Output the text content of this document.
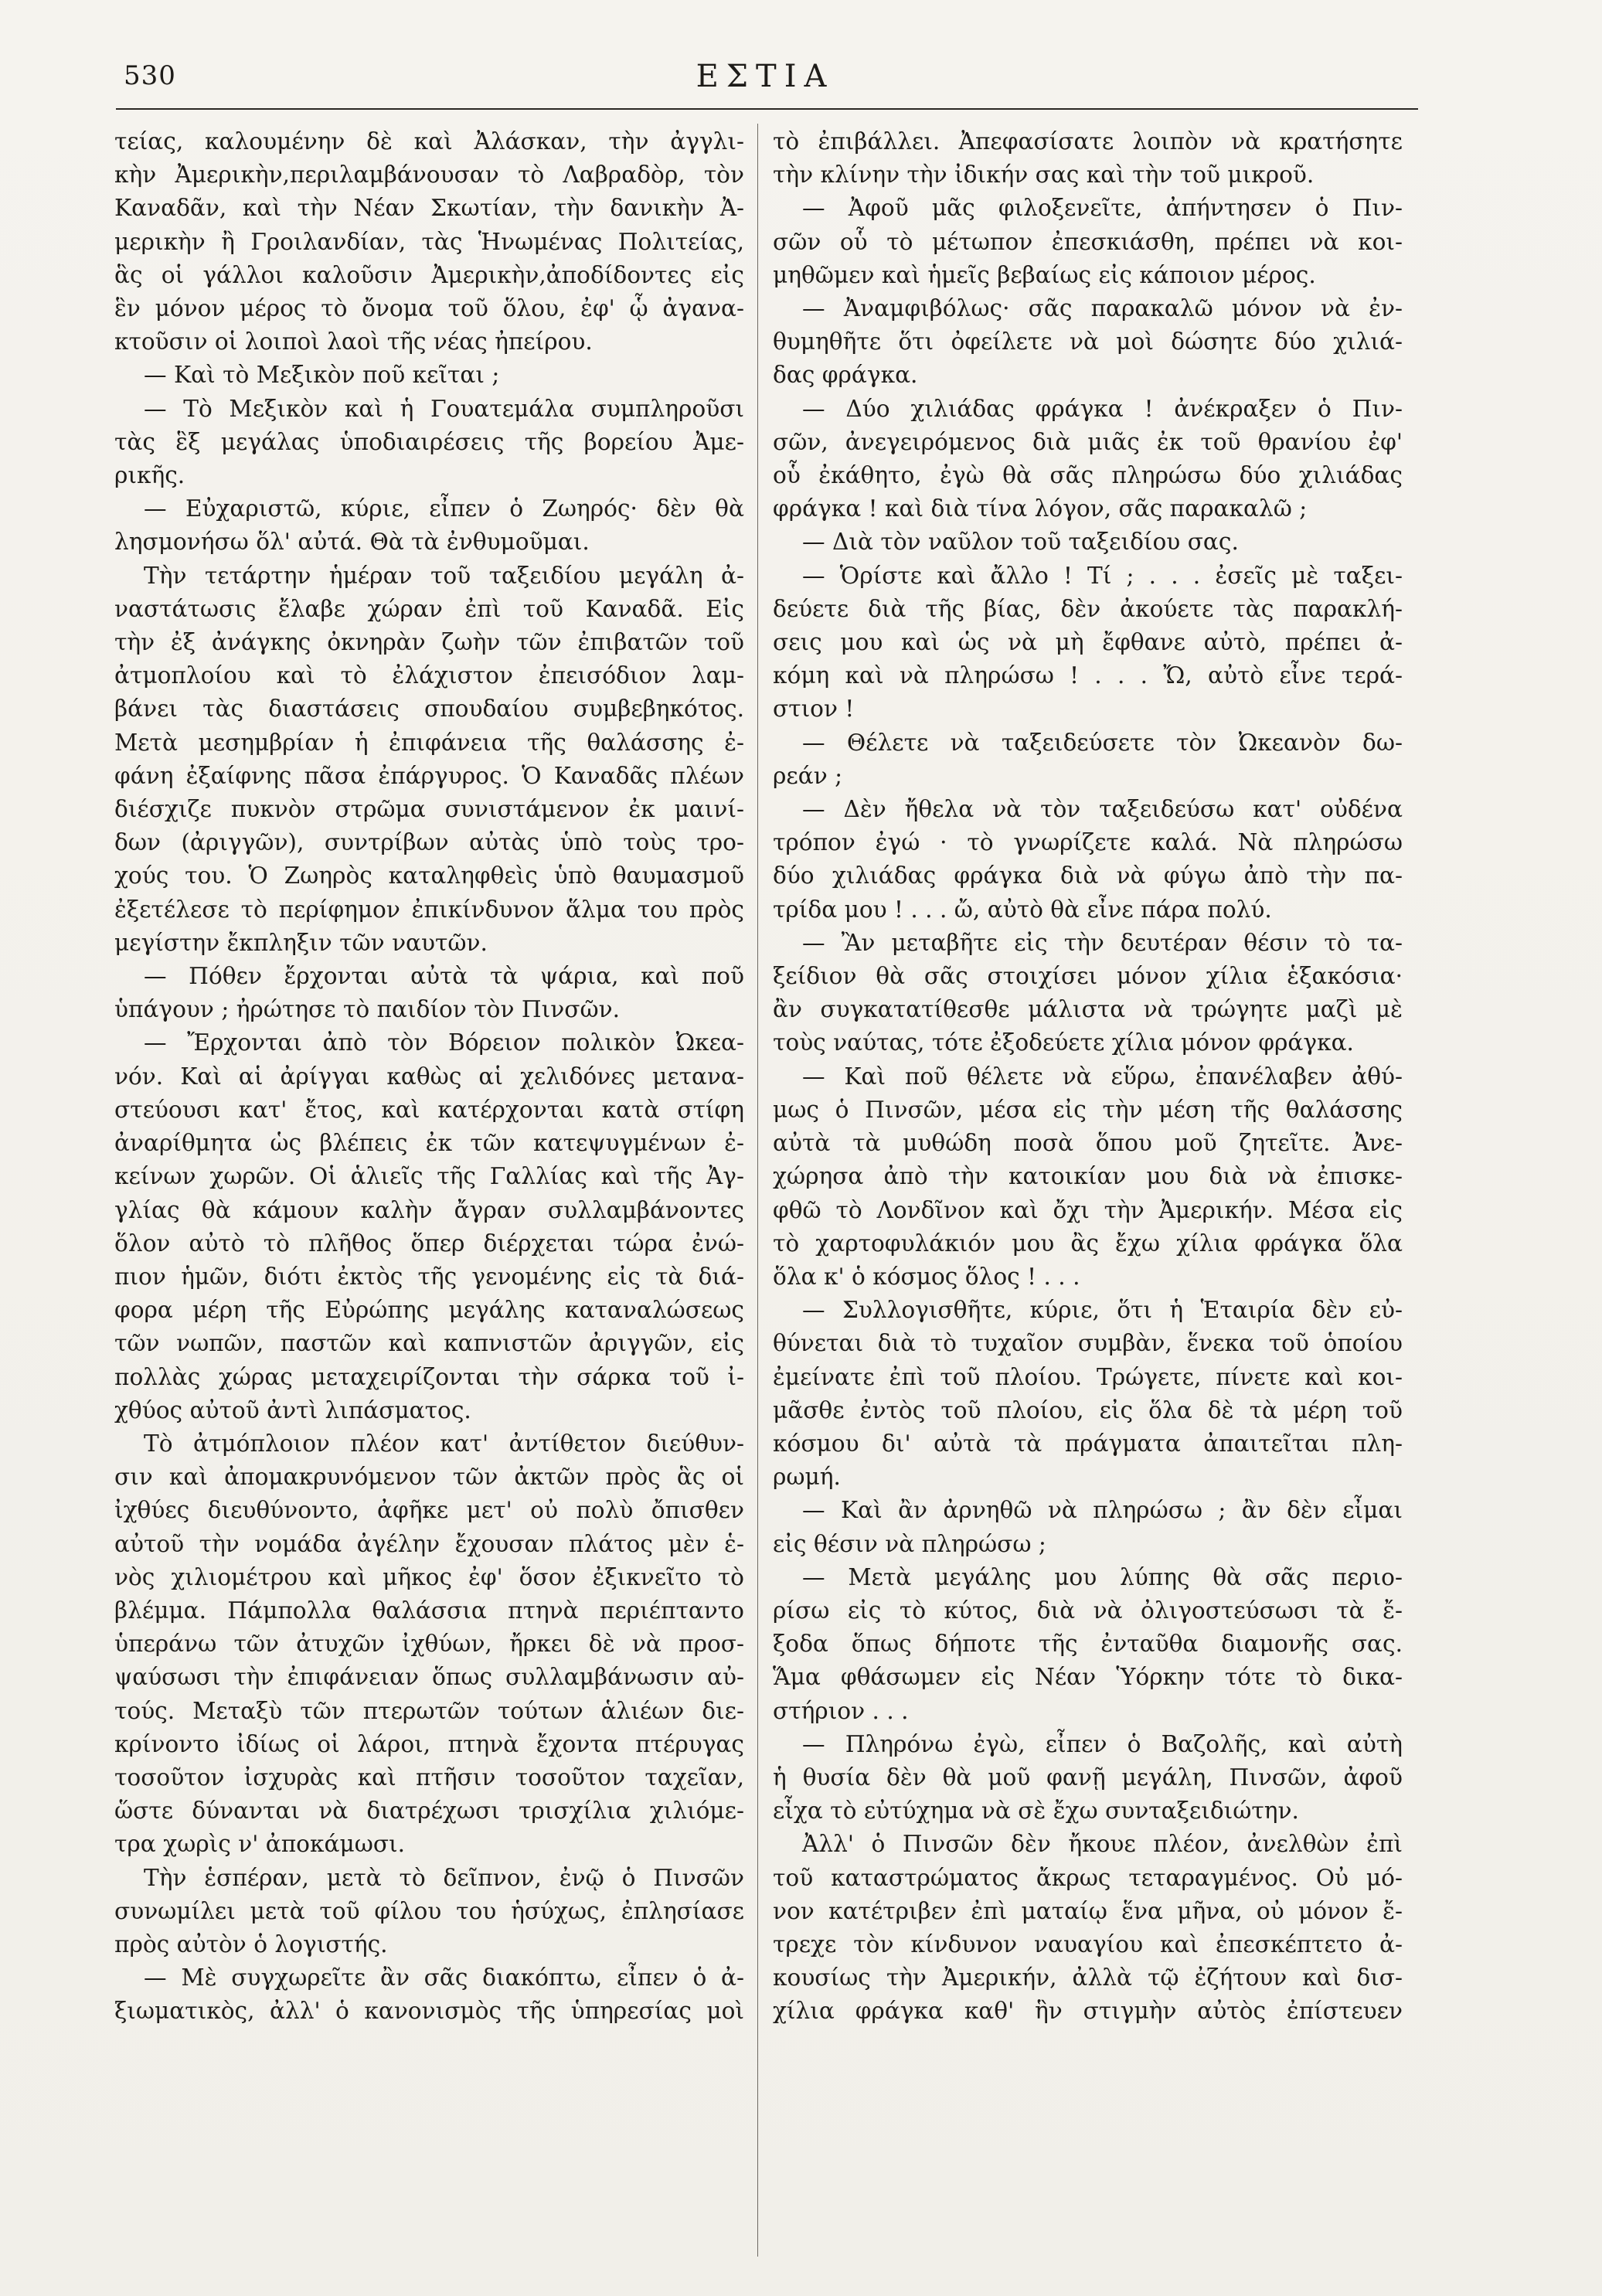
530	ΕΣΤΙΑ
τείας, καλουμένην δὲ καὶ Ἀλάσκαν, τὴν ἀγγλι-
κὴν Ἀμερικὴν,περιλαμβάνουσαν τὸ Λαβραδὸρ, τὸν
Καναδᾶν, καὶ τὴν Νέαν Σκωτίαν, τὴν δανικὴν Ἀ-
μερικὴν ἢ Γροιλανδίαν, τὰς Ἡνωμένας Πολιτείας,
ἃς οἱ γάλλοι καλοῦσιν Ἀμερικὴν,ἀποδίδοντες εἰς
ἓν μόνον μέρος τὸ ὄνομα τοῦ ὅλου, ἐφ' ᾧ ἀγανα-
κτοῦσιν οἱ λοιποὶ λαοὶ τῆς νέας ἠπείρου.
— Καὶ τὸ Μεξικὸν ποῦ κεῖται ;
— Τὸ Μεξικὸν καὶ ἡ Γουατεμάλα συμπληροῦσι
τὰς ἓξ μεγάλας ὑποδιαιρέσεις τῆς βορείου Ἀμε-
ρικῆς.
— Εὐχαριστῶ, κύριε, εἶπεν ὁ Ζωηρός· δὲν θὰ
λησμονήσω ὅλ' αὐτά. Θὰ τὰ ἐνθυμοῦμαι.
Τὴν τετάρτην ἡμέραν τοῦ ταξειδίου μεγάλη ἀ-
ναστάτωσις ἔλαβε χώραν ἐπὶ τοῦ Καναδᾶ. Εἰς
τὴν ἐξ ἀνάγκης ὀκνηρὰν ζωὴν τῶν ἐπιβατῶν τοῦ
ἀτμοπλοίου καὶ τὸ ἐλάχιστον ἐπεισόδιον λαμ-
βάνει τὰς διαστάσεις σπουδαίου συμβεβηκότος.
Μετὰ μεσημβρίαν ἡ ἐπιφάνεια τῆς θαλάσσης ἐ-
φάνη ἐξαίφνης πᾶσα ἐπάργυρος. Ὁ Καναδᾶς πλέων
διέσχιζε πυκνὸν στρῶμα συνιστάμενον ἐκ μαινί-
δων (ἀριγγῶν), συντρίβων αὐτὰς ὑπὸ τοὺς τρο-
χούς του. Ὁ Ζωηρὸς καταληφθεὶς ὑπὸ θαυμασμοῦ
ἐξετέλεσε τὸ περίφημον ἐπικίνδυνον ἅλμα του πρὸς
μεγίστην ἔκπληξιν τῶν ναυτῶν.
— Πόθεν ἔρχονται αὐτὰ τὰ ψάρια, καὶ ποῦ
ὑπάγουν ; ἠρώτησε τὸ παιδίον τὸν Πινσῶν.
— Ἔρχονται ἀπὸ τὸν Βόρειον πολικὸν Ὠκεα-
νόν. Καὶ αἱ ἀρίγγαι καθὼς αἱ χελιδόνες μετανα-
στεύουσι κατ' ἔτος, καὶ κατέρχονται κατὰ στίφη
ἀναρίθμητα ὡς βλέπεις ἐκ τῶν κατεψυγμένων ἐ-
κείνων χωρῶν. Οἱ ἁλιεῖς τῆς Γαλλίας καὶ τῆς Ἀγ-
γλίας θὰ κάμουν καλὴν ἄγραν συλλαμβάνοντες
ὅλον αὐτὸ τὸ πλῆθος ὅπερ διέρχεται τώρα ἐνώ-
πιον ἡμῶν, διότι ἐκτὸς τῆς γενομένης εἰς τὰ διά-
φορα μέρη τῆς Εὐρώπης μεγάλης καταναλώσεως
τῶν νωπῶν, παστῶν καὶ καπνιστῶν ἀριγγῶν, εἰς
πολλὰς χώρας μεταχειρίζονται τὴν σάρκα τοῦ ἰ-
χθύος αὐτοῦ ἀντὶ λιπάσματος.
Τὸ ἀτμόπλοιον πλέον κατ' ἀντίθετον διεύθυν-
σιν καὶ ἀπομακρυνόμενον τῶν ἀκτῶν πρὸς ἃς οἱ
ἰχθύες διευθύνοντο, ἀφῆκε μετ' οὐ πολὺ ὄπισθεν
αὐτοῦ τὴν νομάδα ἀγέλην ἔχουσαν πλάτος μὲν ἑ-
νὸς χιλιομέτρου καὶ μῆκος ἐφ' ὅσον ἐξικνεῖτο τὸ
βλέμμα. Πάμπολλα θαλάσσια πτηνὰ περιέπταντο
ὑπεράνω τῶν ἀτυχῶν ἰχθύων, ἤρκει δὲ νὰ προσ-
ψαύσωσι τὴν ἐπιφάνειαν ὅπως συλλαμβάνωσιν αὐ-
τούς. Μεταξὺ τῶν πτερωτῶν τούτων ἁλιέων διε-
κρίνοντο ἰδίως οἱ λάροι, πτηνὰ ἔχοντα πτέρυγας
τοσοῦτον ἰσχυρὰς καὶ πτῆσιν τοσοῦτον ταχεῖαν,
ὥστε δύνανται νὰ διατρέχωσι τρισχίλια χιλιόμε-
τρα χωρὶς ν' ἀποκάμωσι.
Τὴν ἑσπέραν, μετὰ τὸ δεῖπνον, ἐνῷ ὁ Πινσῶν
συνωμίλει μετὰ τοῦ φίλου του ἡσύχως, ἐπλησίασε
πρὸς αὐτὸν ὁ λογιστής.
— Μὲ συγχωρεῖτε ἂν σᾶς διακόπτω, εἶπεν ὁ ἀ-
ξιωματικὸς, ἀλλ' ὁ κανονισμὸς τῆς ὑπηρεσίας μοὶ
τὸ ἐπιβάλλει. Ἀπεφασίσατε λοιπὸν νὰ κρατήσητε
τὴν κλίνην τὴν ἰδικήν σας καὶ τὴν τοῦ μικροῦ.
— Ἀφοῦ μᾶς φιλοξενεῖτε, ἀπήντησεν ὁ Πιν-
σῶν οὗ τὸ μέτωπον ἐπεσκιάσθη, πρέπει νὰ κοι-
μηθῶμεν καὶ ἡμεῖς βεβαίως εἰς κάποιον μέρος.
— Ἀναμφιβόλως· σᾶς παρακαλῶ μόνον νὰ ἐν-
θυμηθῆτε ὅτι ὀφείλετε νὰ μοὶ δώσητε δύο χιλιά-
δας φράγκα.
— Δύο χιλιάδας φράγκα ! ἀνέκραξεν ὁ Πιν-
σῶν, ἀνεγειρόμενος διὰ μιᾶς ἐκ τοῦ θρανίου ἐφ'
οὗ ἐκάθητο, ἐγὼ θὰ σᾶς πληρώσω δύο χιλιάδας
φράγκα ! καὶ διὰ τίνα λόγον, σᾶς παρακαλῶ ;
— Διὰ τὸν ναῦλον τοῦ ταξειδίου σας.
— Ὁρίστε καὶ ἄλλο ! Τί ; . . . ἐσεῖς μὲ ταξει-
δεύετε διὰ τῆς βίας, δὲν ἀκούετε τὰς παρακλή-
σεις μου καὶ ὡς νὰ μὴ ἔφθανε αὐτὸ, πρέπει ἀ-
κόμη καὶ νὰ πληρώσω ! . . . Ὤ, αὐτὸ εἶνε τερά-
στιον !
— Θέλετε νὰ ταξειδεύσετε τὸν Ὠκεανὸν δω-
ρεάν ;
— Δὲν ἤθελα νὰ τὸν ταξειδεύσω κατ' οὐδένα
τρόπον ἐγώ · τὸ γνωρίζετε καλά. Νὰ πληρώσω
δύο χιλιάδας φράγκα διὰ νὰ φύγω ἀπὸ τὴν πα-
τρίδα μου ! . . . ὤ, αὐτὸ θὰ εἶνε πάρα πολύ.
— Ἂν μεταβῆτε εἰς τὴν δευτέραν θέσιν τὸ τα-
ξείδιον θὰ σᾶς στοιχίσει μόνον χίλια ἑξακόσια·
ἂν συγκατατίθεσθε μάλιστα νὰ τρώγητε μαζὶ μὲ
τοὺς ναύτας, τότε ἐξοδεύετε χίλια μόνον φράγκα.
— Καὶ ποῦ θέλετε νὰ εὕρω, ἐπανέλαβεν ἀθύ-
μως ὁ Πινσῶν, μέσα εἰς τὴν μέση τῆς θαλάσσης
αὐτὰ τὰ μυθώδη ποσὰ ὅπου μοῦ ζητεῖτε. Ἀνε-
χώρησα ἀπὸ τὴν κατοικίαν μου διὰ νὰ ἐπισκε-
φθῶ τὸ Λονδῖνον καὶ ὄχι τὴν Ἀμερικήν. Μέσα εἰς
τὸ χαρτοφυλάκιόν μου ἂς ἔχω χίλια φράγκα ὅλα
ὅλα κ' ὁ κόσμος ὅλος ! . . .
— Συλλογισθῆτε, κύριε, ὅτι ἡ Ἑταιρία δὲν εὐ-
θύνεται διὰ τὸ τυχαῖον συμβὰν, ἕνεκα τοῦ ὁποίου
ἐμείνατε ἐπὶ τοῦ πλοίου. Τρώγετε, πίνετε καὶ κοι-
μᾶσθε ἐντὸς τοῦ πλοίου, εἰς ὅλα δὲ τὰ μέρη τοῦ
κόσμου δι' αὐτὰ τὰ πράγματα ἀπαιτεῖται πλη-
ρωμή.
— Καὶ ἂν ἀρνηθῶ νὰ πληρώσω ; ἂν δὲν εἶμαι
εἰς θέσιν νὰ πληρώσω ;
— Μετὰ μεγάλης μου λύπης θὰ σᾶς περιο-
ρίσω εἰς τὸ κύτος, διὰ νὰ ὀλιγοστεύσωσι τὰ ἔ-
ξοδα ὅπως δήποτε τῆς ἐνταῦθα διαμονῆς σας.
Ἅμα φθάσωμεν εἰς Νέαν Ὑόρκην τότε τὸ δικα-
στήριον . . .
— Πληρόνω ἐγὼ, εἶπεν ὁ Βαζολῆς, καὶ αὐτὴ
ἡ θυσία δὲν θὰ μοῦ φανῇ μεγάλη, Πινσῶν, ἀφοῦ
εἶχα τὸ εὐτύχημα νὰ σὲ ἔχω συνταξειδιώτην.
Ἀλλ' ὁ Πινσῶν δὲν ἤκουε πλέον, ἀνελθὼν ἐπὶ
τοῦ καταστρώματος ἄκρως τεταραγμένος. Οὐ μό-
νον κατέτριβεν ἐπὶ ματαίῳ ἕνα μῆνα, οὐ μόνον ἔ-
τρεχε τὸν κίνδυνον ναυαγίου καὶ ἐπεσκέπτετο ἀ-
κουσίως τὴν Ἀμερικήν, ἀλλὰ τῷ ἐζήτουν καὶ δισ-
χίλια φράγκα καθ' ἣν στιγμὴν αὐτὸς ἐπίστευεν
